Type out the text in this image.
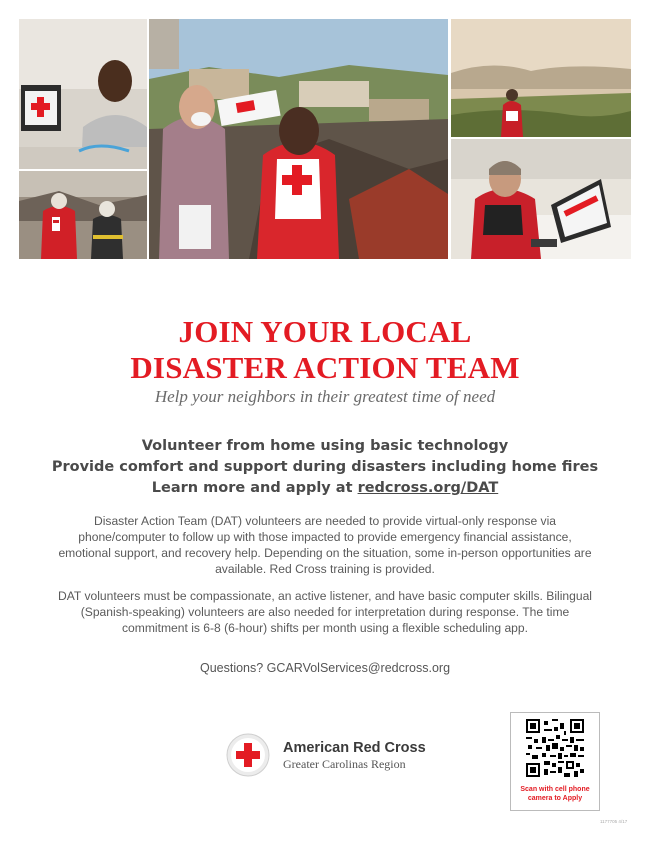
JOIN YOUR LOCAL
DISASTER ACTION TEAM
Help your neighbors in their greatest time of need
Volunteer from home using basic technology
Provide comfort and support during disasters including home fires
Learn more and apply at redcross.org/DAT
Disaster Action Team (DAT) volunteers are needed to provide virtual-only response via phone/computer to follow up with those impacted to provide emergency financial assistance, emotional support, and recovery help. Depending on the situation, some in-person opportunities are available. Red Cross training is provided.
DAT volunteers must be compassionate, an active listener, and have basic computer skills. Bilingual (Spanish-speaking) volunteers are also needed for interpretation during response. The time commitment is 6-8 (6-hour) shifts per month using a flexible scheduling app.
Questions? GCARVolServices@redcross.org
American Red Cross
Greater Carolinas Region
Scan with cell phone
camera to Apply
1177705 4/17
